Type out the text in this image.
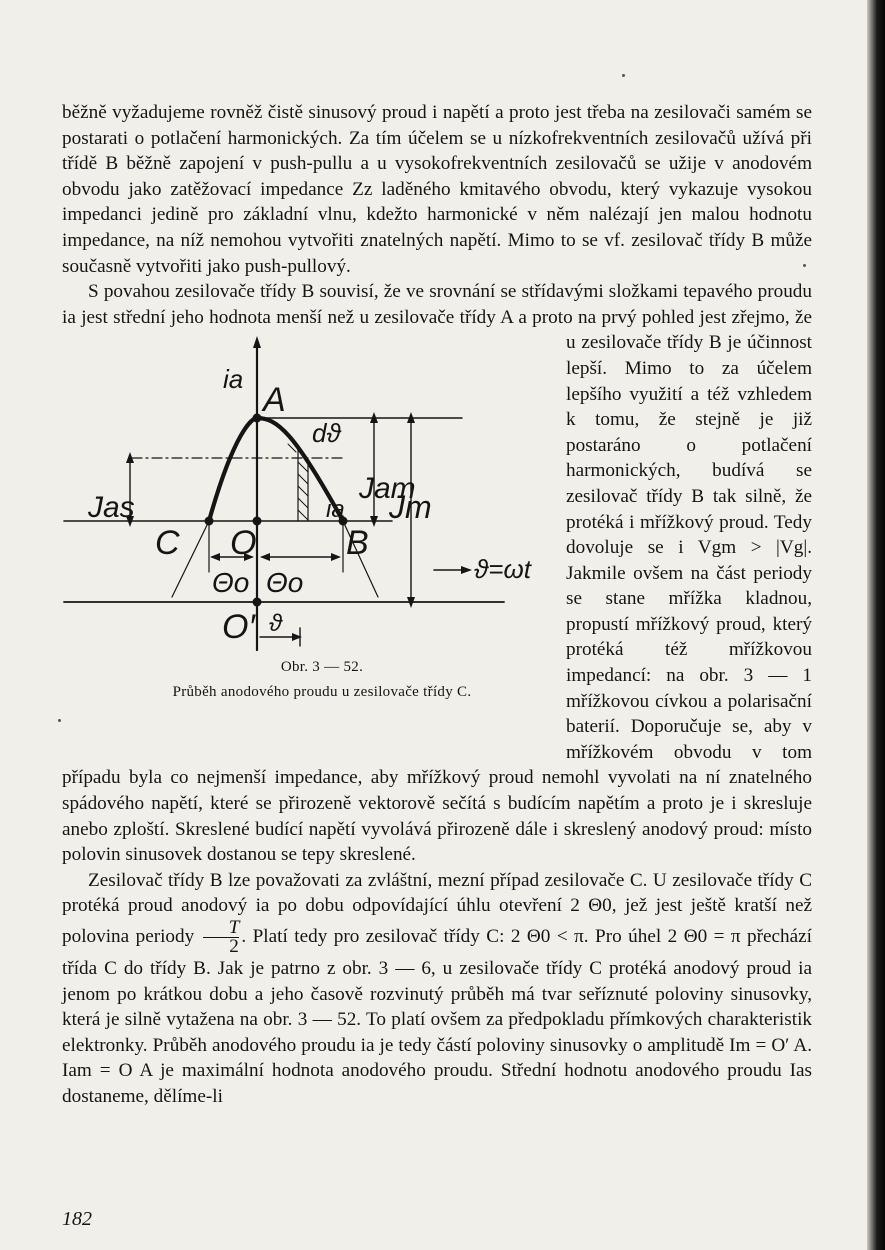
běžně vyžadujeme rovněž čistě sinusový proud i napětí a proto jest třeba na zesilovači samém se postarati o potlačení harmonických. Za tím účelem se u nízkofrekventních zesilovačů užívá při třídě B běžně zapojení v push-pullu a u vysokofrekventních zesilovačů se užije v anodovém obvodu jako zatěžovací impedance Zz laděného kmitavého obvodu, který vykazuje vysokou impedanci jedině pro základní vlnu, kdežto harmonické v něm nalézají jen malou hodnotu impedance, na níž nemohou vytvořiti znatelných napětí. Mimo to se vf. zesilovač třídy B může současně vytvořiti jako push-pullový.

S povahou zesilovače třídy B souvisí, že ve srovnání se střídavými složkami tepavého proudu ia jest střední jeho hodnota menší než u zesilovače třídy A
ia
A
dϑ
Jam
Jas	ia Jm
C O	B
ϑ=ωt
Θo Θo
O′ ϑ
Obr. 3 — 52.
Průběh anodového proudu u zesilovače třídy C.
a proto na prvý pohled jest zřejmo, že u zesilovače třídy B je účinnost lepší. Mimo to za účelem lepšího využití a též vzhledem k tomu, že stejně je již postaráno o potlačení harmonických, budívá se zesilovač třídy B tak silně, že protéká i mřížkový proud. Tedy dovoluje se i Vgm > |Vg|. Jakmile ovšem na část periody se stane mřížka kladnou, propustí mřížkový proud, který protéká též mřížkovou impedancí: na obr. 3 — 1 mřížkovou cívkou a polarisační baterií. Doporučuje se, aby v mřížkovém obvodu v tom případu byla co nejmenší impedance, aby mřížkový proud nemohl vyvolati na ní znatelného spádového napětí, které se přirozeně vektorově sečítá s budícím napětím a proto je i skresluje anebo zploští. Skreslené budící napětí vyvolává přirozeně dále i skreslený anodový proud: místo polovin sinusovek dostanou se tepy skreslené.

Zesilovač třídy B lze považovati za zvláštní, mezní případ zesilovače C. U zesilovače třídy C protéká proud anodový ia po dobu odpovídající úhlu otevření 2 Θ0, jež jest ještě kratší než polovina periody $\frac{T}{2}$ . Platí tedy pro zesilovač třídy C: 2 Θ0 < π. Pro úhel 2 Θ0 = π přechází třída C do třídy B. Jak je patrno z obr. 3 — 6, u zesilovače třídy C protéká anodový proud ia jenom po krátkou dobu a jeho časově rozvinutý průběh má tvar seříznuté poloviny sinusovky, která je silně vytažena na obr. 3 — 52. To platí ovšem za předpokladu přímkových charakteristik elektronky. Průběh anodového proudu ia je tedy částí poloviny sinusovky o amplitudě Im = O′ A. Iam = O A je maximální hodnota anodového proudu. Střední hodnotu anodového proudu Ias dostaneme, dělíme-li

182
